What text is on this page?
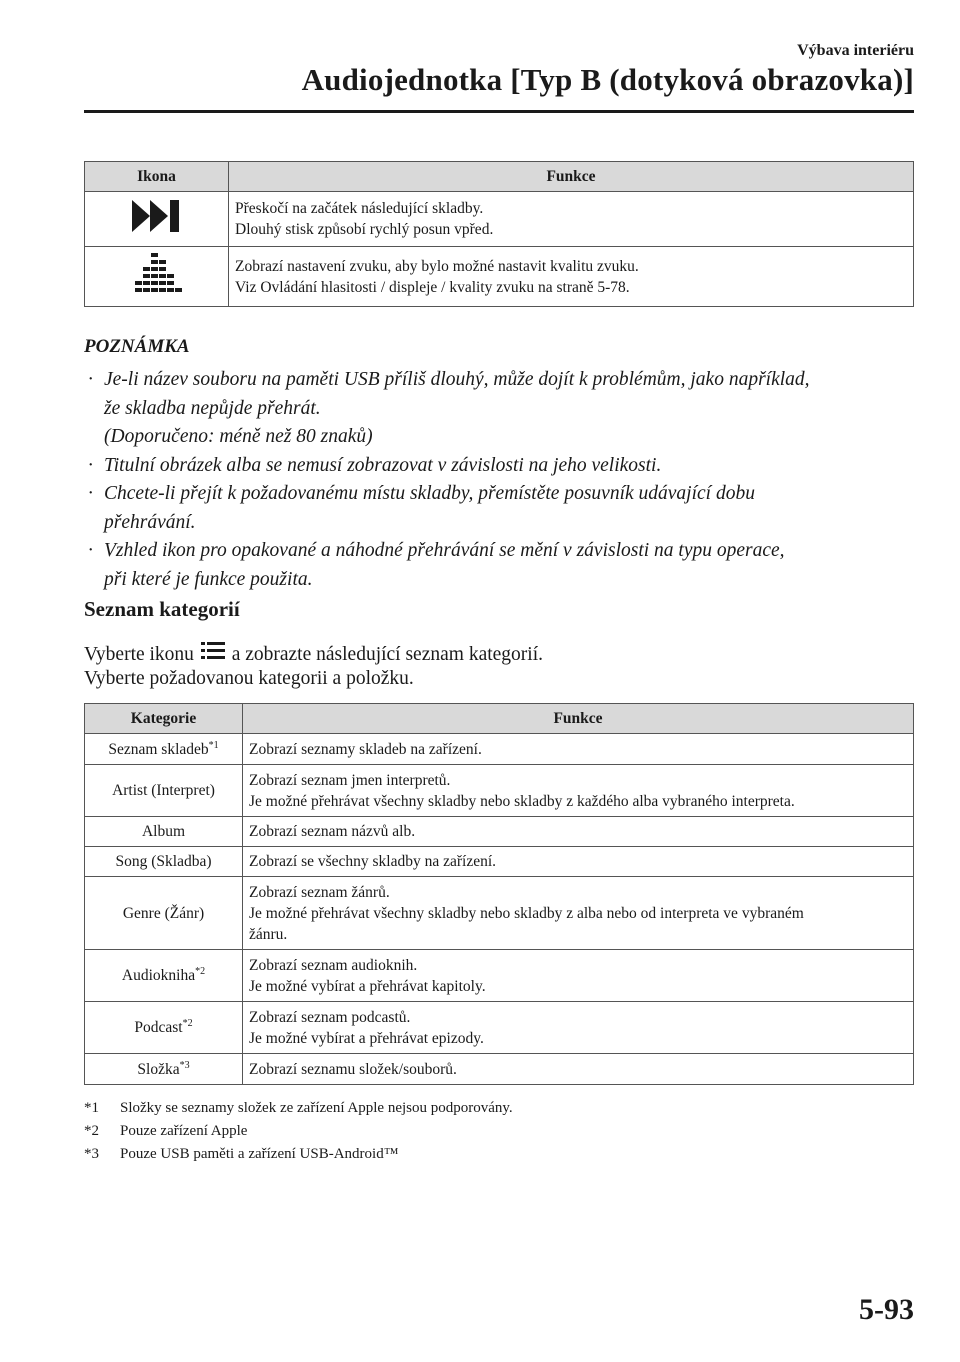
Výbava interiéru
Audiojednotka [Typ B (dotyková obrazovka)]
Ikona	Funkce

Přeskočí na začátek následující skladby.
Dlouhý stisk způsobí rychlý posun vpřed.

Zobrazí nastavení zvuku, aby bylo možné nastavit kvalitu zvuku.
Viz Ovládání hlasitosti / displeje / kvality zvuku na straně 5-78.
POZNÁMKA
· Je-li název souboru na paměti USB příliš dlouhý, může dojít k problémům, jako například,
že skladba nepůjde přehrát.
(Doporučeno: méně než 80 znaků)
· Titulní obrázek alba se nemusí zobrazovat v závislosti na jeho velikosti.
· Chcete-li přejít k požadovanému místu skladby, přemístěte posuvník udávající dobu
přehrávání.
· Vzhled ikon pro opakované a náhodné přehrávání se mění v závislosti na typu operace,
při které je funkce použita.
Seznam kategorií
Vyberte ikonu a zobrazte následující seznam kategorií.
Vyberte požadovanou kategorii a položku.
Kategorie	Funkce
Seznam skladeb$^{*1}$	Zobrazí seznamy skladeb na zařízení.

Artist (Interpret)	Zobrazí seznam jmen interpretů.
Je možné přehrávat všechny skladby nebo skladby z každého alba vybraného interpreta.

Album	Zobrazí seznam názvů alb.

Song (Skladba)	Zobrazí se všechny skladby na zařízení.

Genre (Žánr)	Zobrazí seznam žánrů.
Je možné přehrávat všechny skladby nebo skladby z alba nebo od interpreta ve vybraném
žánru.

Audiokniha$^{*2}$	Zobrazí seznam audioknih.
Je možné vybírat a přehrávat kapitoly.

Podcast$^{*2}$	Zobrazí seznam podcastů.
Je možné vybírat a přehrávat epizody.

Složka$^{*3}$	Zobrazí seznamu složek/souborů.
*1	Složky se seznamy složek ze zařízení Apple nejsou podporovány.
*2	Pouze zařízení Apple
*3	Pouze USB paměti a zařízení USB-Android™
5-93
